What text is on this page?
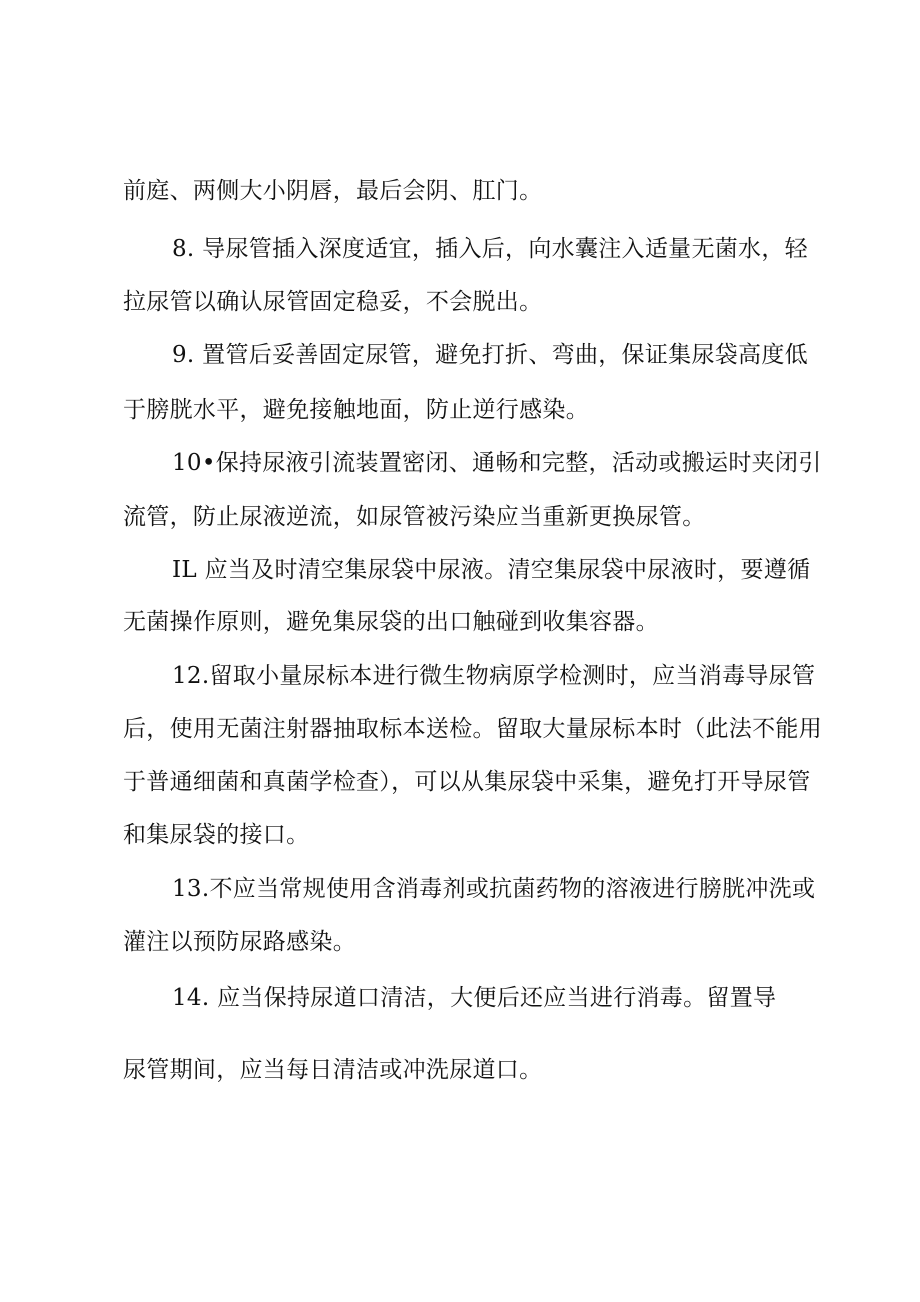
前庭、两侧大小阴唇，最后会阴、肛门。

8. 导尿管插入深度适宜，插入后，向水囊注入适量无菌水，轻

拉尿管以确认尿管固定稳妥，不会脱出。

9. 置管后妥善固定尿管，避免打折、弯曲，保证集尿袋高度低

于膀胱水平，避免接触地面，防止逆行感染。

10•保持尿液引流装置密闭、通畅和完整，活动或搬运时夹闭引

流管，防止尿液逆流，如尿管被污染应当重新更换尿管。

IL 应当及时清空集尿袋中尿液。清空集尿袋中尿液时，要遵循

无菌操作原则，避免集尿袋的出口触碰到收集容器。

12.留取小量尿标本进行微生物病原学检测时，应当消毒导尿管

后，使用无菌注射器抽取标本送检。留取大量尿标本时（此法不能用

于普通细菌和真菌学检查），可以从集尿袋中采集，避免打开导尿管

和集尿袋的接口。

13.不应当常规使用含消毒剂或抗菌药物的溶液进行膀胱冲洗或

灌注以预防尿路感染。

14. 应当保持尿道口清洁，大便后还应当进行消毒。留置导

尿管期间，应当每日清洁或冲洗尿道口。
